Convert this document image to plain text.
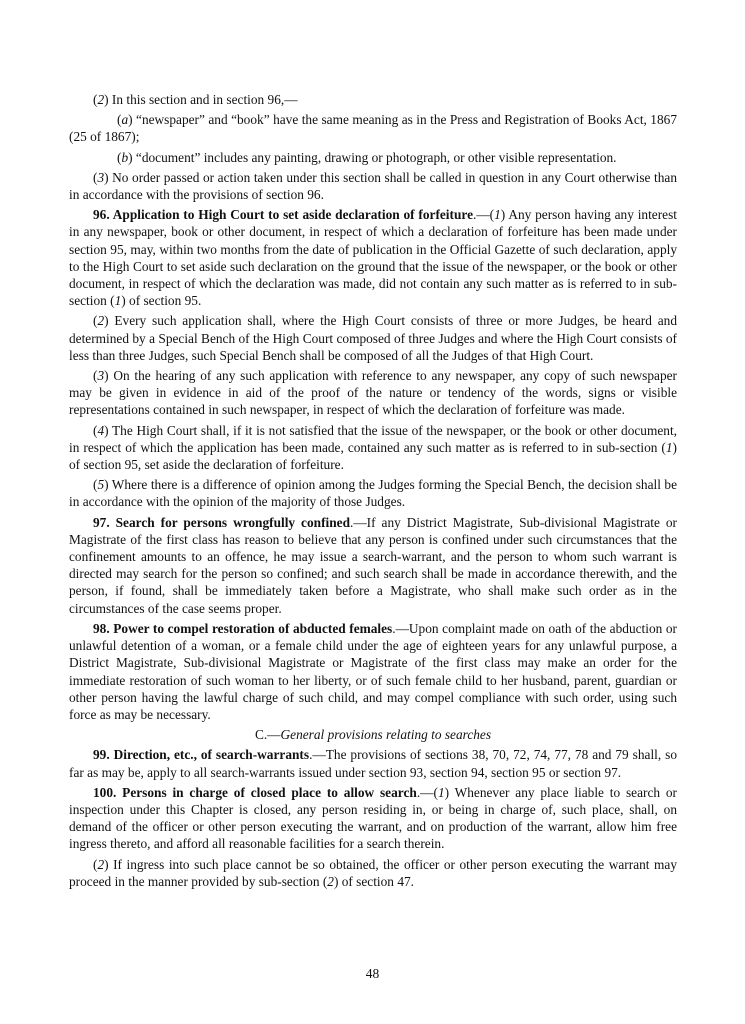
(2) In this section and in section 96,—

(a) “newspaper” and “book” have the same meaning as in the Press and Registration of Books Act, 1867 (25 of 1867);

(b) “document” includes any painting, drawing or photograph, or other visible representation.

(3) No order passed or action taken under this section shall be called in question in any Court otherwise than in accordance with the provisions of section 96.

96. Application to High Court to set aside declaration of forfeiture.—(1) Any person having any interest in any newspaper, book or other document, in respect of which a declaration of forfeiture has been made under section 95, may, within two months from the date of publication in the Official Gazette of such declaration, apply to the High Court to set aside such declaration on the ground that the issue of the newspaper, or the book or other document, in respect of which the declaration was made, did not contain any such matter as is referred to in sub-section (1) of section 95.

(2) Every such application shall, where the High Court consists of three or more Judges, be heard and determined by a Special Bench of the High Court composed of three Judges and where the High Court consists of less than three Judges, such Special Bench shall be composed of all the Judges of that High Court.

(3) On the hearing of any such application with reference to any newspaper, any copy of such newspaper may be given in evidence in aid of the proof of the nature or tendency of the words, signs or visible representations contained in such newspaper, in respect of which the declaration of forfeiture was made.

(4) The High Court shall, if it is not satisfied that the issue of the newspaper, or the book or other document, in respect of which the application has been made, contained any such matter as is referred to in sub-section (1) of section 95, set aside the declaration of forfeiture.

(5) Where there is a difference of opinion among the Judges forming the Special Bench, the decision shall be in accordance with the opinion of the majority of those Judges.

97. Search for persons wrongfully confined.—If any District Magistrate, Sub-divisional Magistrate or Magistrate of the first class has reason to believe that any person is confined under such circumstances that the confinement amounts to an offence, he may issue a search-warrant, and the person to whom such warrant is directed may search for the person so confined; and such search shall be made in accordance therewith, and the person, if found, shall be immediately taken before a Magistrate, who shall make such order as in the circumstances of the case seems proper.

98. Power to compel restoration of abducted females.—Upon complaint made on oath of the abduction or unlawful detention of a woman, or a female child under the age of eighteen years for any unlawful purpose, a District Magistrate, Sub-divisional Magistrate or Magistrate of the first class may make an order for the immediate restoration of such woman to her liberty, or of such female child to her husband, parent, guardian or other person having the lawful charge of such child, and may compel compliance with such order, using such force as may be necessary.

C.—General provisions relating to searches

99. Direction, etc., of search-warrants.—The provisions of sections 38, 70, 72, 74, 77, 78 and 79 shall, so far as may be, apply to all search-warrants issued under section 93, section 94, section 95 or section 97.

100. Persons in charge of closed place to allow search.—(1) Whenever any place liable to search or inspection under this Chapter is closed, any person residing in, or being in charge of, such place, shall, on demand of the officer or other person executing the warrant, and on production of the warrant, allow him free ingress thereto, and afford all reasonable facilities for a search therein.

(2) If ingress into such place cannot be so obtained, the officer or other person executing the warrant may proceed in the manner provided by sub-section (2) of section 47.

48
